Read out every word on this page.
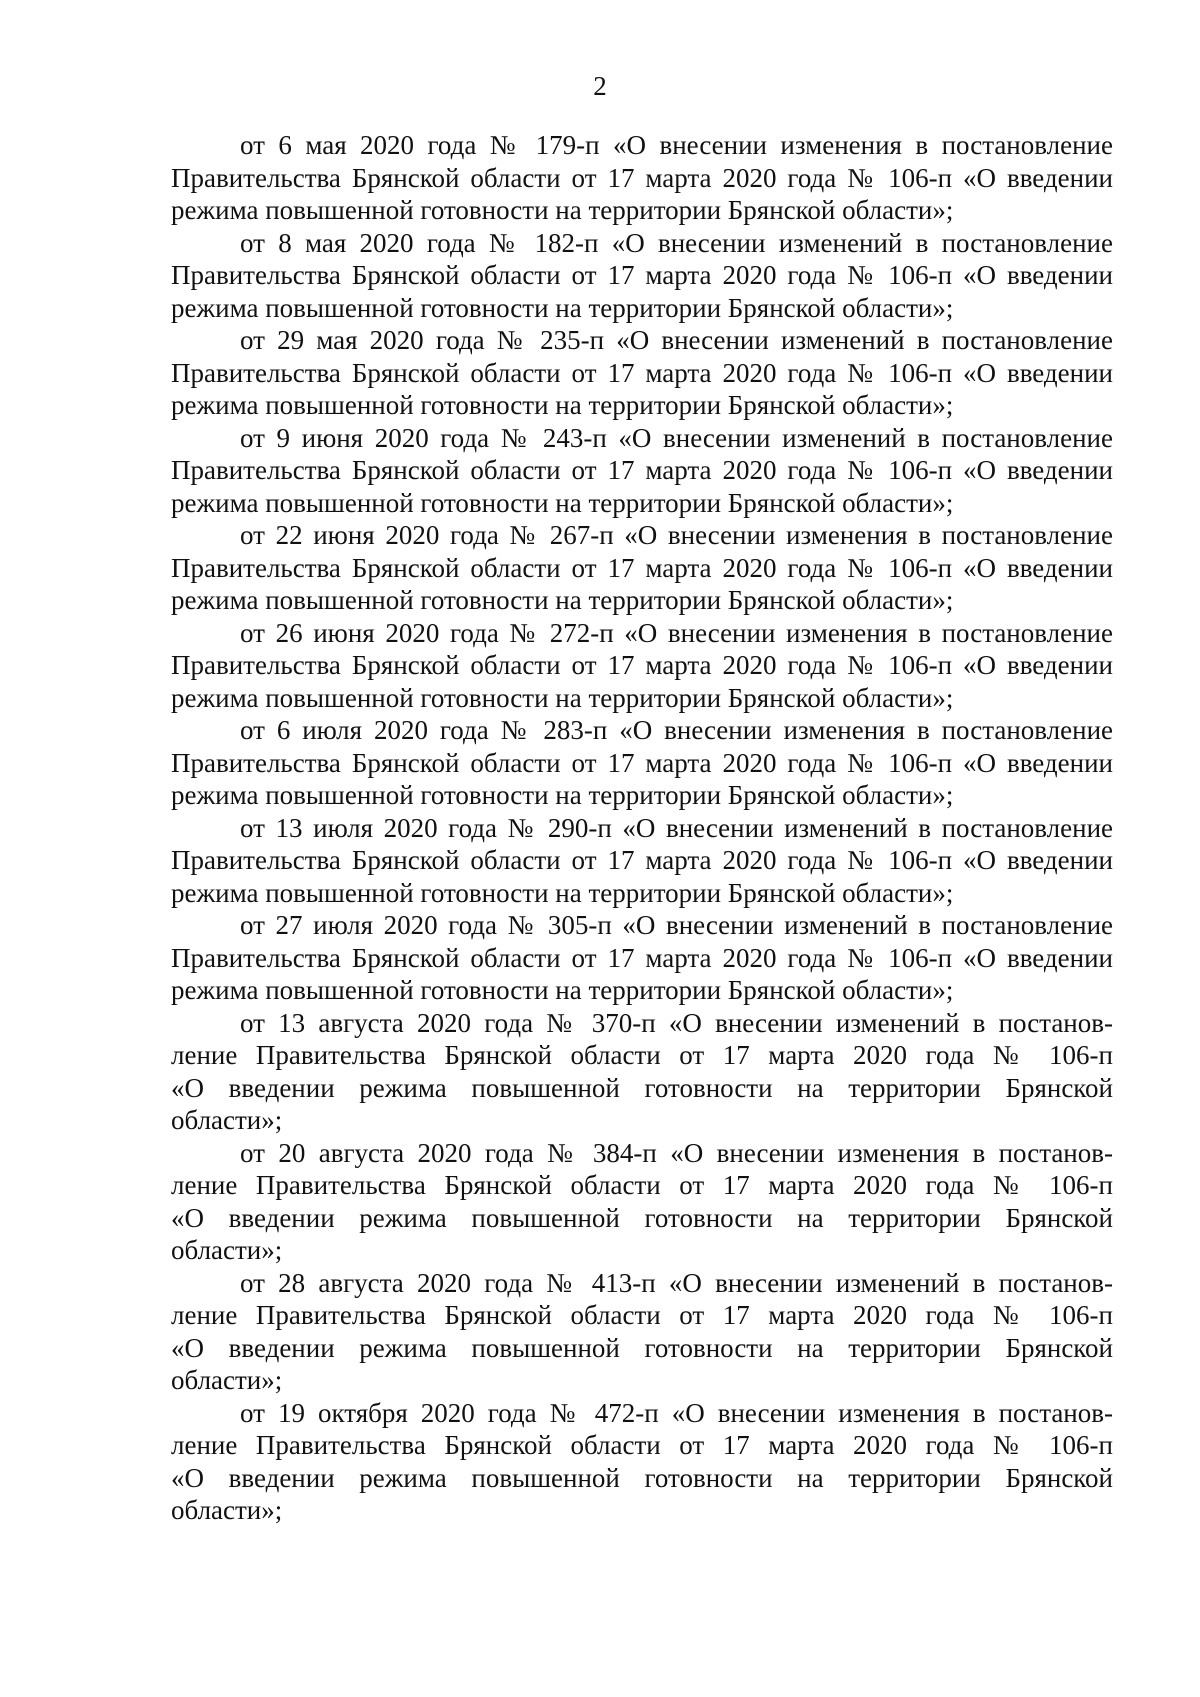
2
от 6 мая 2020 года № 179-п «О внесении изменения в постановление
Правительства Брянской области от 17 марта 2020 года № 106-п «О введении
режима повышенной готовности на территории Брянской области»;
от 8 мая 2020 года № 182-п «О внесении изменений в постановление
Правительства Брянской области от 17 марта 2020 года № 106-п «О введении
режима повышенной готовности на территории Брянской области»;
от 29 мая 2020 года № 235-п «О внесении изменений в постановление
Правительства Брянской области от 17 марта 2020 года № 106-п «О введении
режима повышенной готовности на территории Брянской области»;
от 9 июня 2020 года № 243-п «О внесении изменений в постановление
Правительства Брянской области от 17 марта 2020 года № 106-п «О введении
режима повышенной готовности на территории Брянской области»;
от 22 июня 2020 года № 267-п «О внесении изменения в постановление
Правительства Брянской области от 17 марта 2020 года № 106-п «О введении
режима повышенной готовности на территории Брянской области»;
от 26 июня 2020 года № 272-п «О внесении изменения в постановление
Правительства Брянской области от 17 марта 2020 года № 106-п «О введении
режима повышенной готовности на территории Брянской области»;
от 6 июля 2020 года № 283-п «О внесении изменения в постановление
Правительства Брянской области от 17 марта 2020 года № 106-п «О введении
режима повышенной готовности на территории Брянской области»;
от 13 июля 2020 года № 290-п «О внесении изменений в постановление
Правительства Брянской области от 17 марта 2020 года № 106-п «О введении
режима повышенной готовности на территории Брянской области»;
от 27 июля 2020 года № 305-п «О внесении изменений в постановление
Правительства Брянской области от 17 марта 2020 года № 106-п «О введении
режима повышенной готовности на территории Брянской области»;
от 13 августа 2020 года № 370-п «О внесении изменений в постанов-
ление Правительства Брянской области от 17 марта 2020 года № 106-п
«О введении режима повышенной готовности на территории Брянской
области»;
от 20 августа 2020 года № 384-п «О внесении изменения в постанов-
ление Правительства Брянской области от 17 марта 2020 года № 106-п
«О введении режима повышенной готовности на территории Брянской
области»;
от 28 августа 2020 года № 413-п «О внесении изменений в постанов-
ление Правительства Брянской области от 17 марта 2020 года № 106-п
«О введении режима повышенной готовности на территории Брянской
области»;
от 19 октября 2020 года № 472-п «О внесении изменения в постанов-
ление Правительства Брянской области от 17 марта 2020 года № 106-п
«О введении режима повышенной готовности на территории Брянской
области»;
